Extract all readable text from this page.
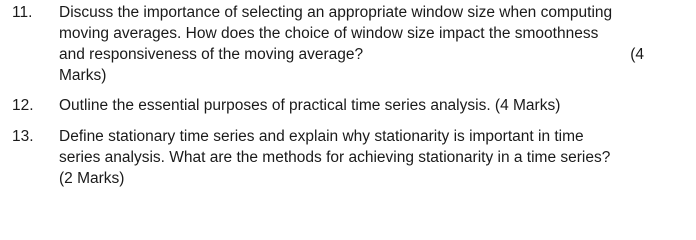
11.	Discuss the importance of selecting an appropriate window size when computing
moving averages. How does the choice of window size impact the smoothness
and responsiveness of the moving average?	(4
Marks)
12.	Outline the essential purposes of practical time series analysis. (4 Marks)
13.	Define stationary time series and explain why stationarity is important in time
series analysis. What are the methods for achieving stationarity in a time series?
(2 Marks)
